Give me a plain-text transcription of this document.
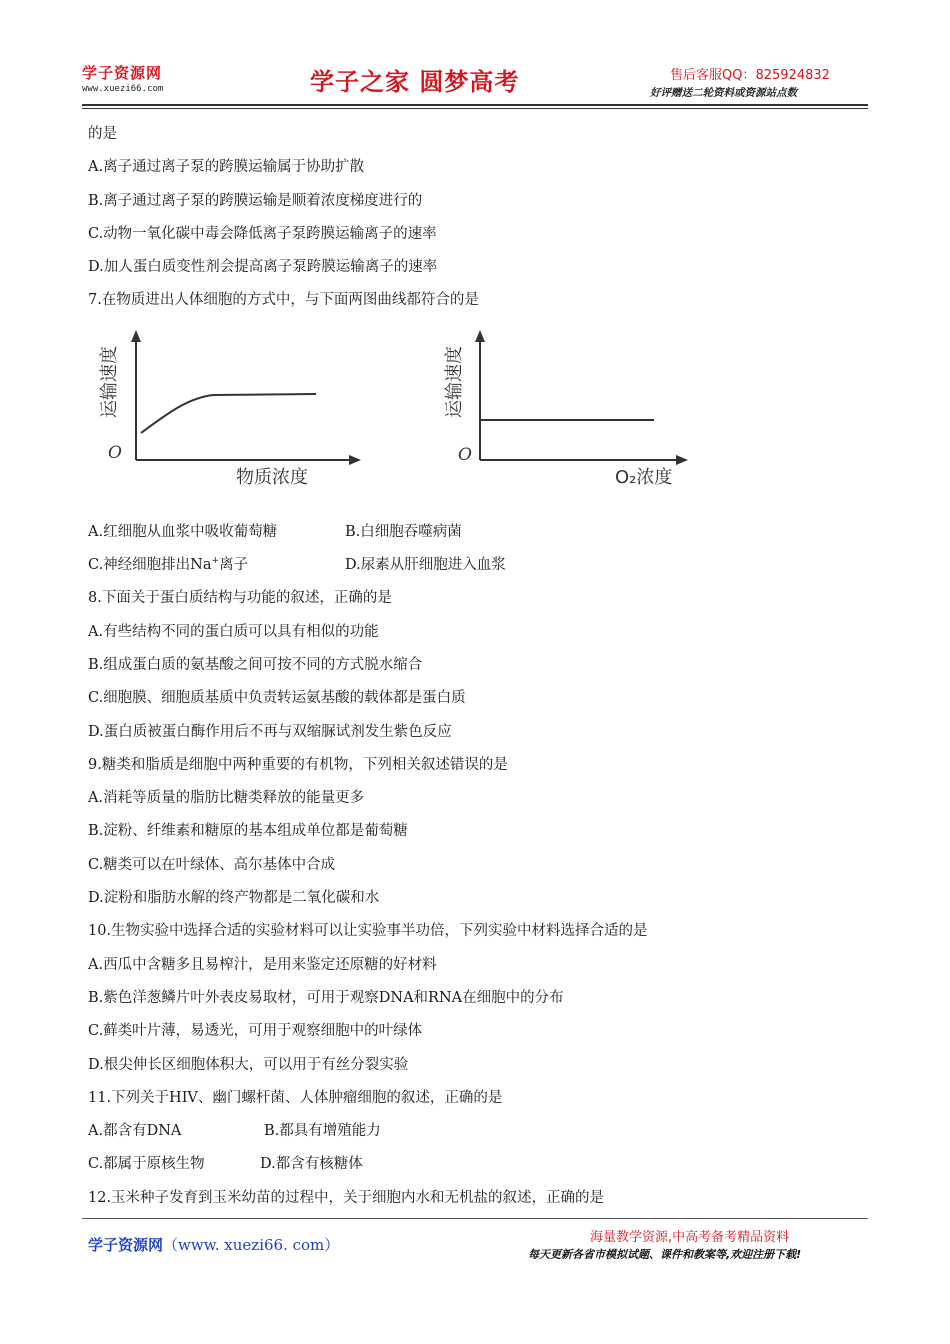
学子资源网
www.xuezi66.com	学子之家 圆梦高考	售后客服QQ：825924832
好评赠送二轮资料或资源站点数
的是
A.离子通过离子泵的跨膜运输属于协助扩散
B.离子通过离子泵的跨膜运输是顺着浓度梯度进行的
C.动物一氧化碳中毒会降低离子泵跨膜运输离子的速率
D.加人蛋白质变性剂会提高离子泵跨膜运输离子的速率
7.在物质进出人体细胞的方式中，与下面两图曲线都符合的是
运输速度
O
物质浓度
运输速度
O
O₂浓度
A.红细胞从血浆中吸收葡萄糖	B.白细胞吞噬病菌
C.神经细胞排出Na+离子	D.尿素从肝细胞进入血浆
8.下面关于蛋白质结构与功能的叙述，正确的是
A.有些结构不同的蛋白质可以具有相似的功能
B.组成蛋白质的氨基酸之间可按不同的方式脱水缩合
C.细胞膜、细胞质基质中负责转运氨基酸的载体都是蛋白质
D.蛋白质被蛋白酶作用后不再与双缩脲试剂发生紫色反应
9.糖类和脂质是细胞中两种重要的有机物，下列相关叙述错误的是
A.消耗等质量的脂肪比糖类释放的能量更多
B.淀粉、纤维素和糖原的基本组成单位都是葡萄糖
C.糖类可以在叶绿体、高尔基体中合成
D.淀粉和脂肪水解的终产物都是二氧化碳和水
10.生物实验中选择合适的实验材料可以让实验事半功倍，下列实验中材料选择合适的是
A.西瓜中含糖多且易榨汁，是用来鉴定还原糖的好材料
B.紫色洋葱鳞片叶外表皮易取材，可用于观察DNA和RNA在细胞中的分布
C.藓类叶片薄，易透光，可用于观察细胞中的叶绿体
D.根尖伸长区细胞体积大，可以用于有丝分裂实验
11.下列关于HIV、幽门螺杆菌、人体肿瘤细胞的叙述，正确的是
A.都含有DNA	B.都具有增殖能力
C.都属于原核生物	D.都含有核糖体
12.玉米种子发育到玉米幼苗的过程中，关于细胞内水和无机盐的叙述，正确的是
学子资源网（www. xuezi66. com）	海量教学资源,中高考备考精品资料
每天更新各省市模拟试题、课件和教案等,欢迎注册下载!
